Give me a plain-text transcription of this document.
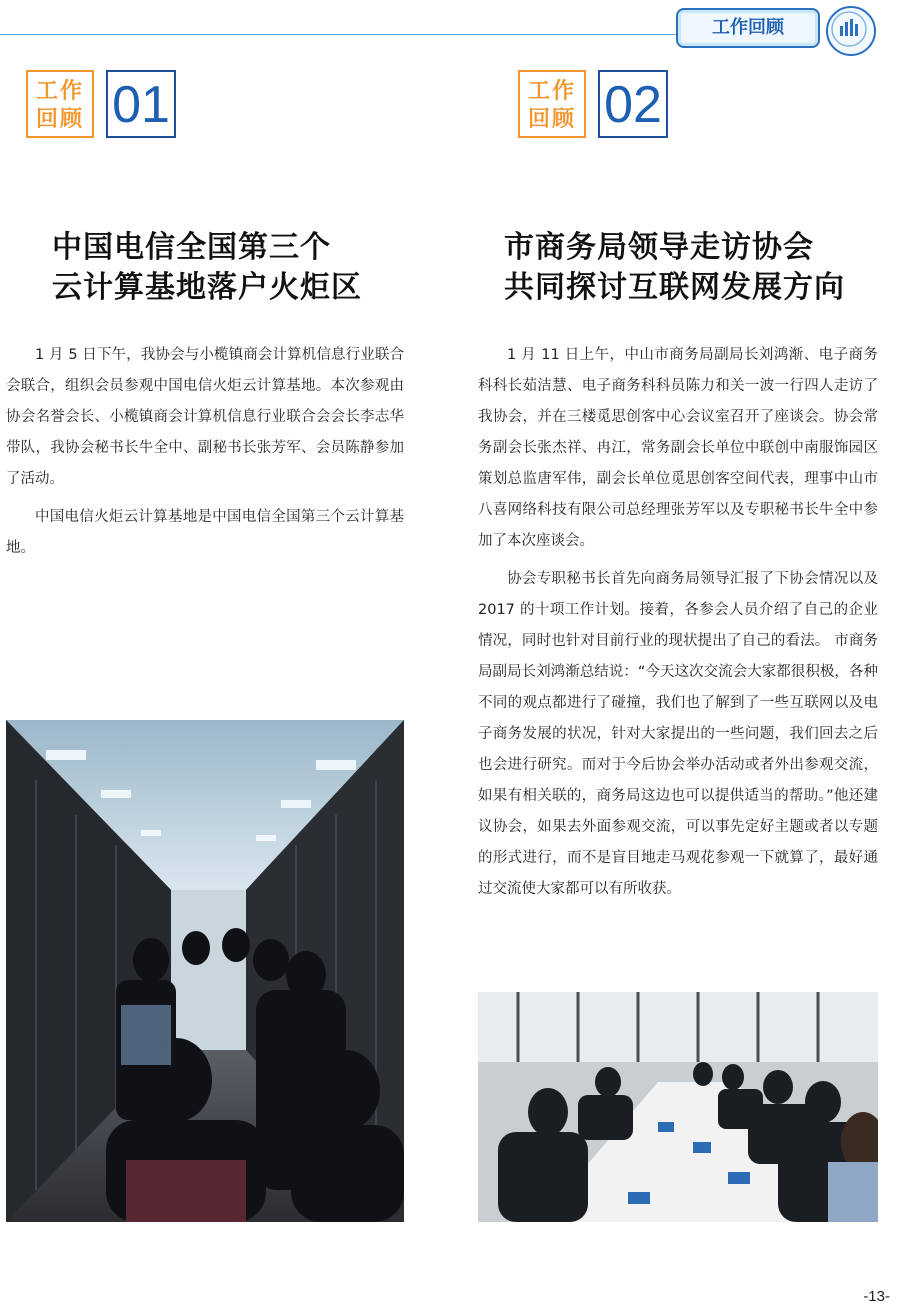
工作回顾
工作
回顾 01	工作
回顾 02
中国电信全国第三个
云计算基地落户火炬区
市商务局领导走访协会
共同探讨互联网发展方向

1 月 5 日下午，我协会与小榄镇商会计算机信息行业联合会联合，组织会员参观中国电信火炬云计算基地。本次参观由协会名誉会长、小榄镇商会计算机信息行业联合会会长李志华带队，我协会秘书长牛全中、副秘书长张芳军、会员陈静参加了活动。

中国电信火炬云计算基地是中国电信全国第三个云计算基地。

1 月 11 日上午，中山市商务局副局长刘鸿渐、电子商务科科长茹洁慧、电子商务科科员陈力和关一波一行四人走访了我协会，并在三楼觅思创客中心会议室召开了座谈会。协会常务副会长张杰祥、冉江，常务副会长单位中联创中南服饰园区策划总监唐军伟，副会长单位觅思创客空间代表，理事中山市八喜网络科技有限公司总经理张芳军以及专职秘书长牛全中参加了本次座谈会。

协会专职秘书长首先向商务局领导汇报了下协会情况以及 2017 的十项工作计划。接着，各参会人员介绍了自己的企业情况，同时也针对目前行业的现状提出了自己的看法。 市商务局副局长刘鸿渐总结说：“今天这次交流会大家都很积极，各种不同的观点都进行了碰撞，我们也了解到了一些互联网以及电子商务发展的状况，针对大家提出的一些问题，我们回去之后也会进行研究。而对于今后协会举办活动或者外出参观交流，如果有相关联的，商务局这边也可以提供适当的帮助。”他还建议协会，如果去外面参观交流，可以事先定好主题或者以专题的形式进行，而不是盲目地走马观花参观一下就算了，最好通过交流使大家都可以有所收获。

-13-
